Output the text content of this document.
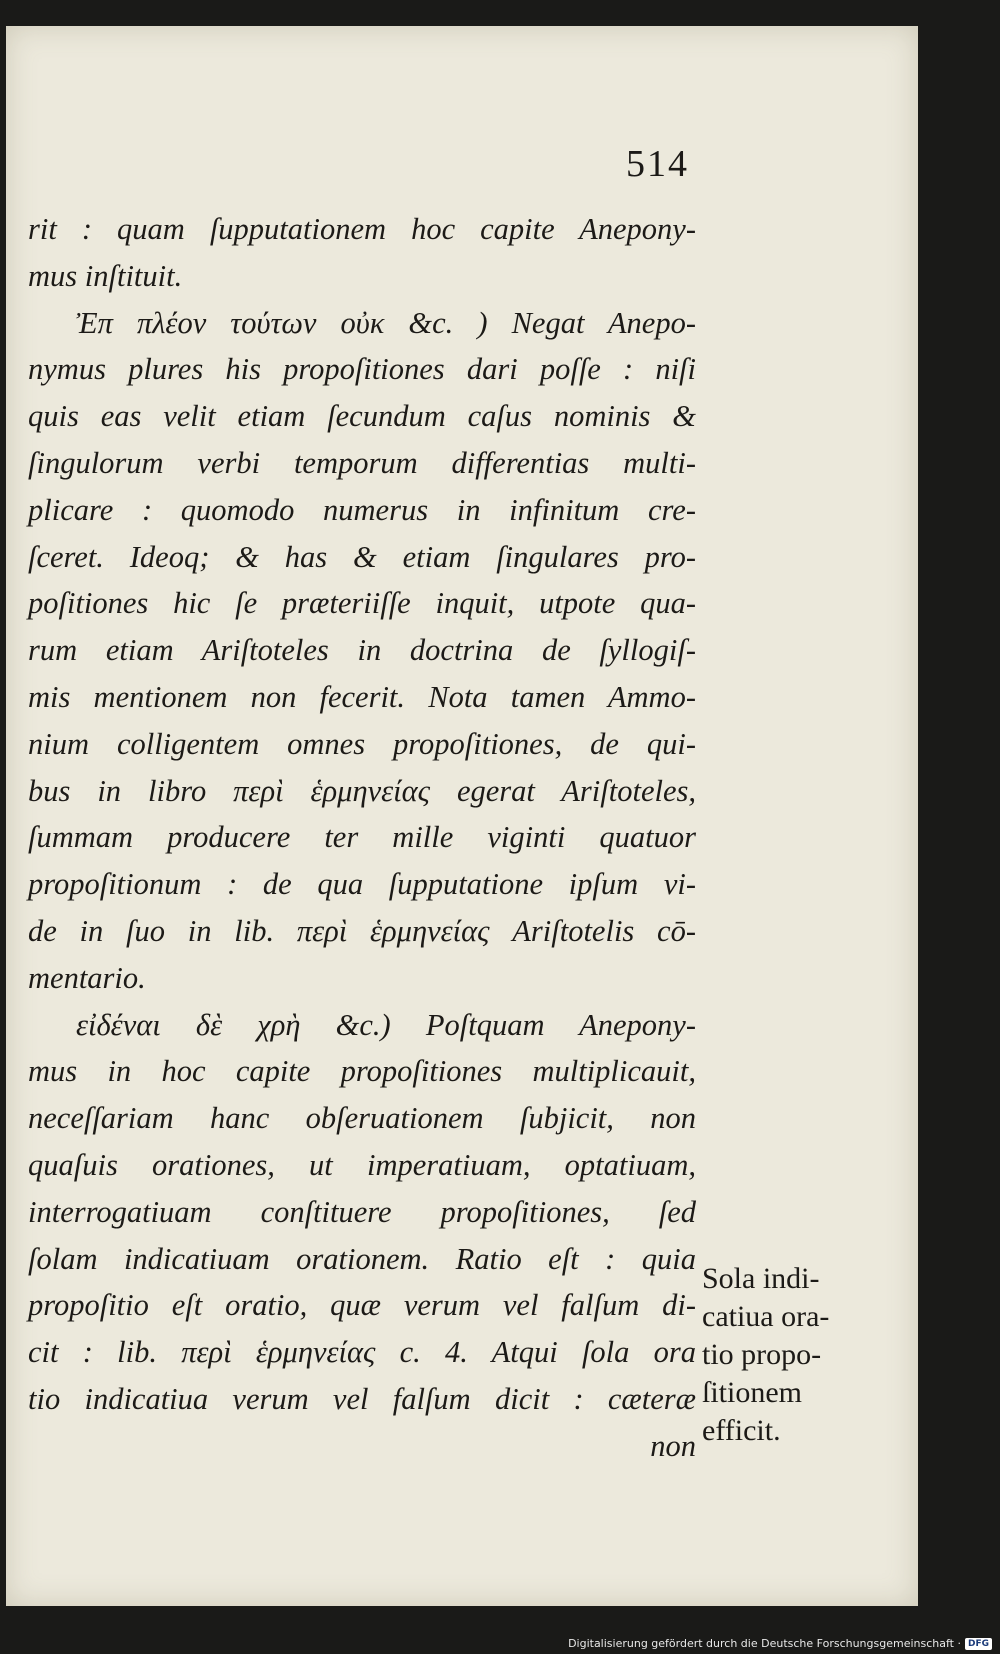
514
rit : quam ſupputationem hoc capite Anepony‑
mus inſtituit.
Ἐπ πλέον τούτων οὐκ &c. ) Negat Anepo‑
nymus plures his propoſitiones dari poſſe : niſi
quis eas velit etiam ſecundum caſus nominis &
ſingulorum verbi temporum differentias multi‑
plicare : quomodo numerus in infinitum cre‑
ſceret. Ideoq; & has & etiam ſingulares pro‑
poſitiones hic ſe præteriiſſe inquit, utpote qua‑
rum etiam Ariſtoteles in doctrina de ſyllogiſ‑
mis mentionem non fecerit. Nota tamen Ammo‑
nium colligentem omnes propoſitiones, de qui‑
bus in libro περὶ ἑρμηνείας egerat Ariſtoteles,
ſummam producere ter mille viginti quatuor
propoſitionum : de qua ſupputatione ipſum vi‑
de in ſuo in lib. περὶ ἑρμηνείας Ariſtotelis cō‑
mentario.
εἰδέναι δὲ χρὴ &c.) Poſtquam Anepony‑
mus in hoc capite propoſitiones multiplicauit,
neceſſariam hanc obſeruationem ſubjicit, non
quaſuis orationes, ut imperatiuam, optatiuam,
interrogatiuam conſtituere propoſitiones, ſed
ſolam indicatiuam orationem. Ratio eſt : quia
propoſitio eſt oratio, quæ verum vel falſum di‑
cit : lib. περὶ ἑρμηνείας c. 4. Atqui ſola ora
tio indicatiua verum vel falſum dicit : cæteræ
non
Sola indi‑
catiua ora‑
tio propo‑
ſitionem
efficit.
Digitalisierung gefördert durch die Deutsche Forschungsgemeinschaft · DFG
